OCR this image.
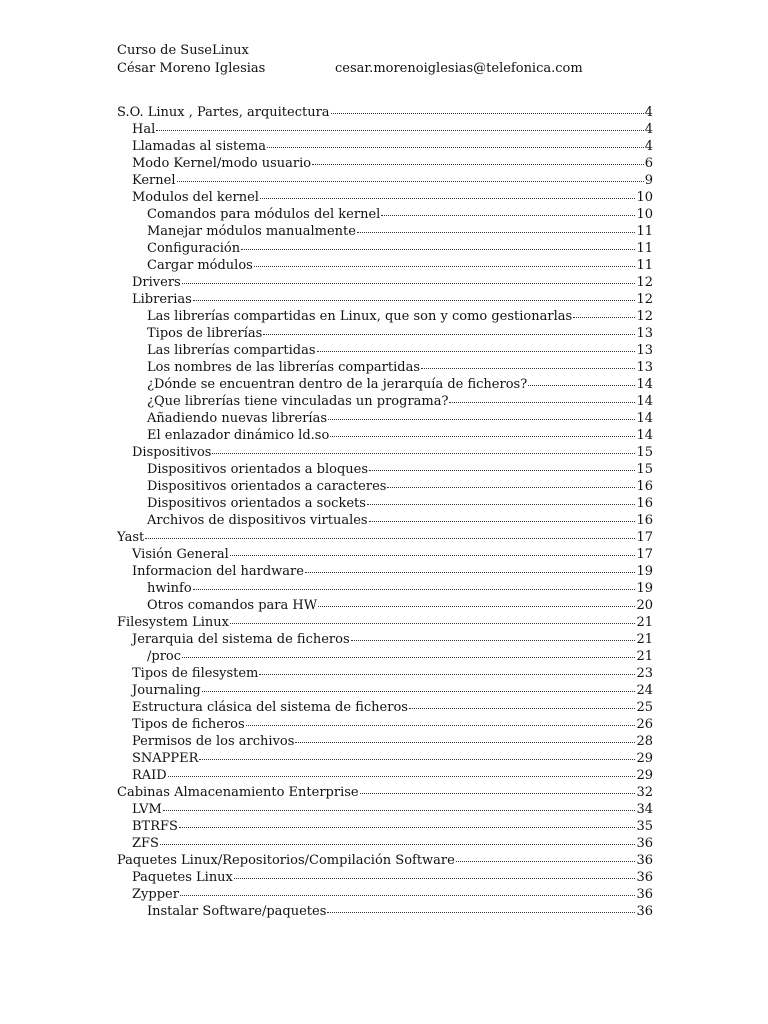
Curso de SuseLinux
César Moreno Iglesias	cesar.morenoiglesias@telefonica.com
S.O. Linux , Partes, arquitectura	4
Hal	4
Llamadas al sistema	4
Modo Kernel/modo usuario	6
Kernel	9
Modulos del kernel	10
Comandos para módulos del kernel	10
Manejar módulos manualmente	11
Configuración	11
Cargar módulos	11
Drivers	12
Librerias	12
Las librerías compartidas en Linux, que son y como gestionarlas	12
Tipos de librerías	13
Las librerías compartidas	13
Los nombres de las librerías compartidas	13
¿Dónde se encuentran dentro de la jerarquía de ficheros?	14
¿Que librerías tiene vinculadas un programa?	14
Añadiendo nuevas librerías	14
El enlazador dinámico ld.so	14
Dispositivos	15
Dispositivos orientados a bloques	15
Dispositivos orientados a caracteres	16
Dispositivos orientados a sockets	16
Archivos de dispositivos virtuales	16
Yast	17
Visión General	17
Informacion del hardware	19
hwinfo	19
Otros comandos para HW	20
Filesystem Linux	21
Jerarquia del sistema de ficheros	21
/proc	21
Tipos de filesystem	23
Journaling	24
Estructura clásica del sistema de ficheros	25
Tipos de ficheros	26
Permisos de los archivos	28
SNAPPER	29
RAID	29
Cabinas Almacenamiento Enterprise	32
LVM	34
BTRFS	35
ZFS	36
Paquetes Linux/Repositorios/Compilación Software	36
Paquetes Linux	36
Zypper	36
Instalar Software/paquetes	36
